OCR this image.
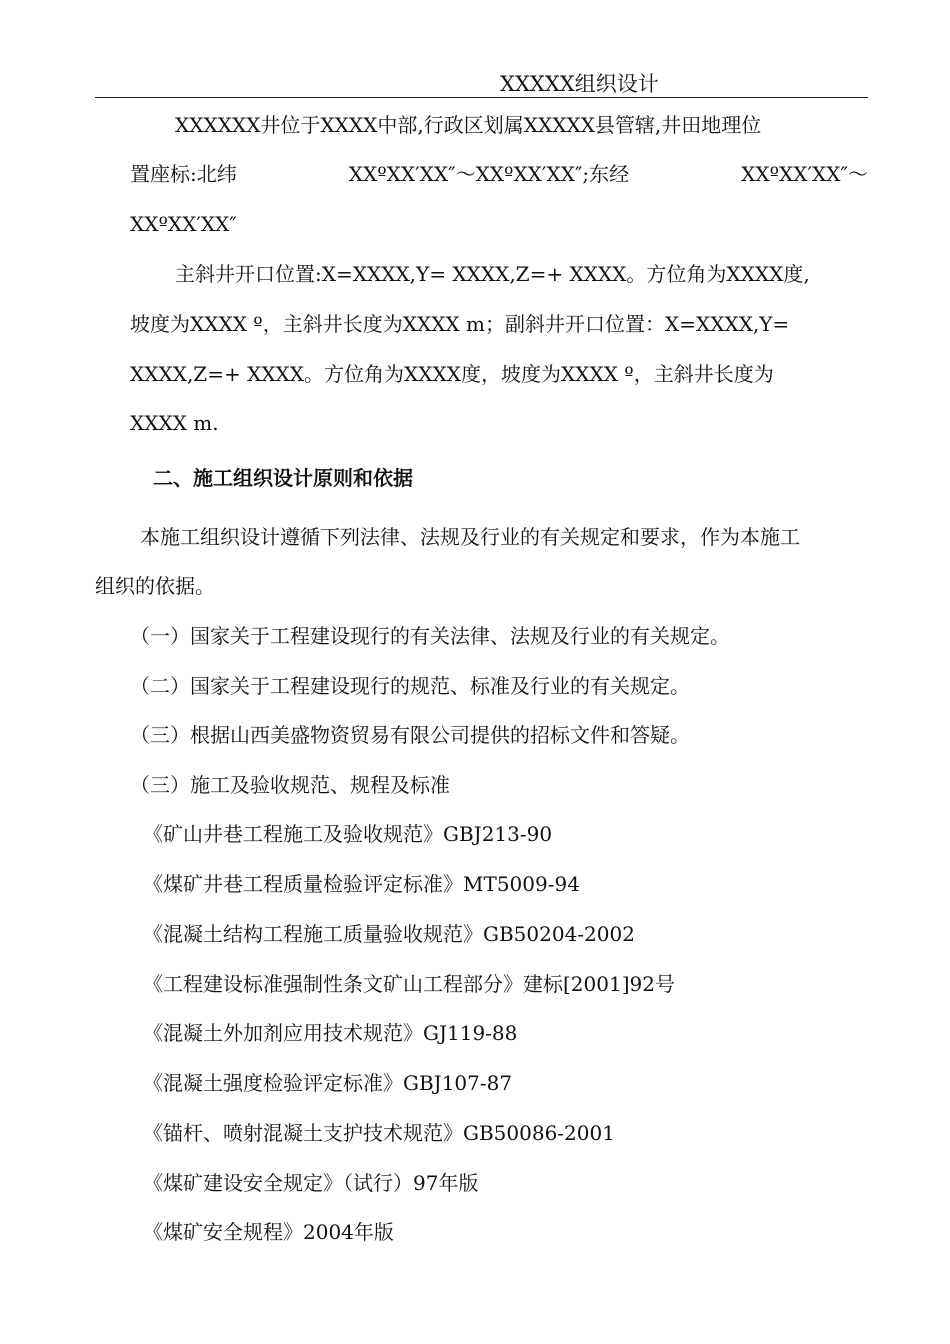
XXXXX组织设计
XXXXXX井位于XXXX中部,行政区划属XXXXX县管辖,井田地理位
置座标:北纬	XXºXX′XX″～XXºXX′XX″;东经	XXºXX′XX″～
XXºXX′XX″
主斜井开口位置:X=XXXX,Y= XXXX,Z=+ XXXX。方位角为XXXX度,
坡度为XXXX º，主斜井长度为XXXX m；副斜井开口位置：X=XXXX,Y=
XXXX,Z=+ XXXX。方位角为XXXX度，坡度为XXXX º，主斜井长度为
XXXX m.
二、施工组织设计原则和依据
本施工组织设计遵循下列法律、法规及行业的有关规定和要求，作为本施工
组织的依据。
（一）国家关于工程建设现行的有关法律、法规及行业的有关规定。
（二）国家关于工程建设现行的规范、标准及行业的有关规定。
（三）根据山西美盛物资贸易有限公司提供的招标文件和答疑。
（三）施工及验收规范、规程及标准
《矿山井巷工程施工及验收规范》GBJ213-90
《煤矿井巷工程质量检验评定标准》MT5009-94
《混凝土结构工程施工质量验收规范》GB50204-2002
《工程建设标准强制性条文矿山工程部分》建标[2001]92号
《混凝土外加剂应用技术规范》GJ119-88
《混凝土强度检验评定标准》GBJ107-87
《锚杆、喷射混凝土支护技术规范》GB50086-2001
《煤矿建设安全规定》（试行）97年版
《煤矿安全规程》2004年版
